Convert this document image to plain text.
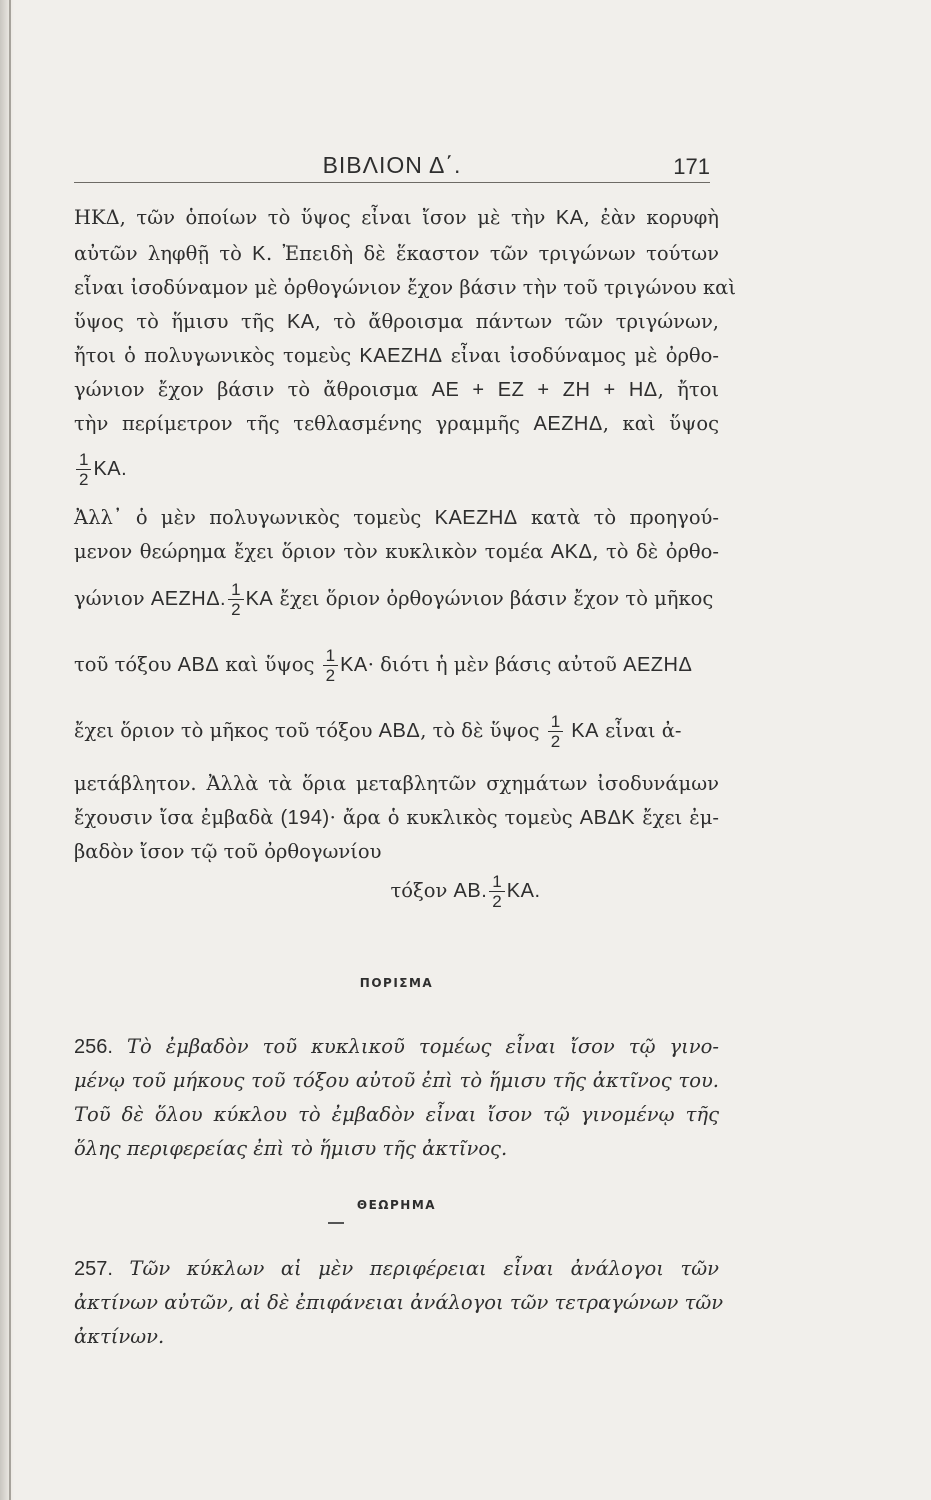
ΒΙΒΛΙΟΝ Δ΄.	171
ΗΚΔ, τῶν ὁποίων τὸ ὕψος εἶναι ἴσον μὲ τὴν ΚΑ, ἐὰν κορυφὴ
αὐτῶν ληφθῇ τὸ Κ. Ἐπειδὴ δὲ ἕκαστον τῶν τριγώνων τούτων
εἶναι ἰσοδύναμον μὲ ὀρθογώνιον ἔχον βάσιν τὴν τοῦ τριγώνου καὶ
ὕψος τὸ ἥμισυ τῆς ΚΑ, τὸ ἄθροισμα πάντων τῶν τριγώνων,
ἤτοι ὁ πολυγωνικὸς τομεὺς ΚΑΕΖΗΔ εἶναι ἰσοδύναμος μὲ ὀρθο-
γώνιον ἔχον βάσιν τὸ ἄθροισμα ΑΕ + ΕΖ + ΖΗ + ΗΔ, ἤτοι
τὴν περίμετρον τῆς τεθλασμένης γραμμῆς ΑΕΖΗΔ, καὶ ὕψος
$\frac{1}{2} KA$.
Ἀλλ᾽ ὁ μὲν πολυγωνικὸς τομεὺς ΚΑΕΖΗΔ κατὰ τὸ προηγού-
μενον θεώρημα ἔχει ὅριον τὸν κυκλικὸν τομέα ΑΚΔ, τὸ δὲ ὀρθο-
γώνιον ΑΕΖΗΔ. $\frac{1}{2}$ ΚΑ ἔχει ὅριον ὀρθογώνιον βάσιν ἔχον τὸ μῆκος
τοῦ τόξου ΑΒΔ καὶ ὕψος $\frac{1}{2} KA\cdot \delta\iota ό\tau\iota$ ἡ μὲν βάσις αὐτοῦ ΑΕΖΗΔ
ἔχει ὅριον τὸ μῆκος τοῦ τόξου ΑΒΔ, τὸ δὲ ὕψος $\frac{1}{2}$ ΚΑ εἶναι ἀ-
μετάβλητον. Ἀλλὰ τὰ ὅρια μεταβλητῶν σχημάτων ἰσοδυνάμων
ἔχουσιν ἴσα ἐμβαδὰ (194)· ἄρα ὁ κυκλικὸς τομεὺς ΑΒΔΚ ἔχει ἐμ-
βαδὸν ἴσον τῷ τοῦ ὀρθογωνίου
τόξον ΑΒ. $\frac{1}{2} KA$.
ΠΟΡΙΣΜΑ
256. Τὸ ἐμβαδὸν τοῦ κυκλικοῦ τομέως εἶναι ἴσον τῷ γινο-
μένῳ τοῦ μήκους τοῦ τόξου αὐτοῦ ἐπὶ τὸ ἥμισυ τῆς ἀκτῖνος του.
Τοῦ δὲ ὅλου κύκλου τὸ ἐμβαδὸν εἶναι ἴσον τῷ γινομένῳ τῆς
ὅλης περιφερείας ἐπὶ τὸ ἥμισυ τῆς ἀκτῖνος.
ΘΕΩΡΗΜΑ
257. Τῶν κύκλων αἱ μὲν περιφέρειαι εἶναι ἀνάλογοι τῶν
ἀκτίνων αὐτῶν, αἱ δὲ ἐπιφάνειαι ἀνάλογοι τῶν τετραγώνων τῶν
ἀκτίνων.
